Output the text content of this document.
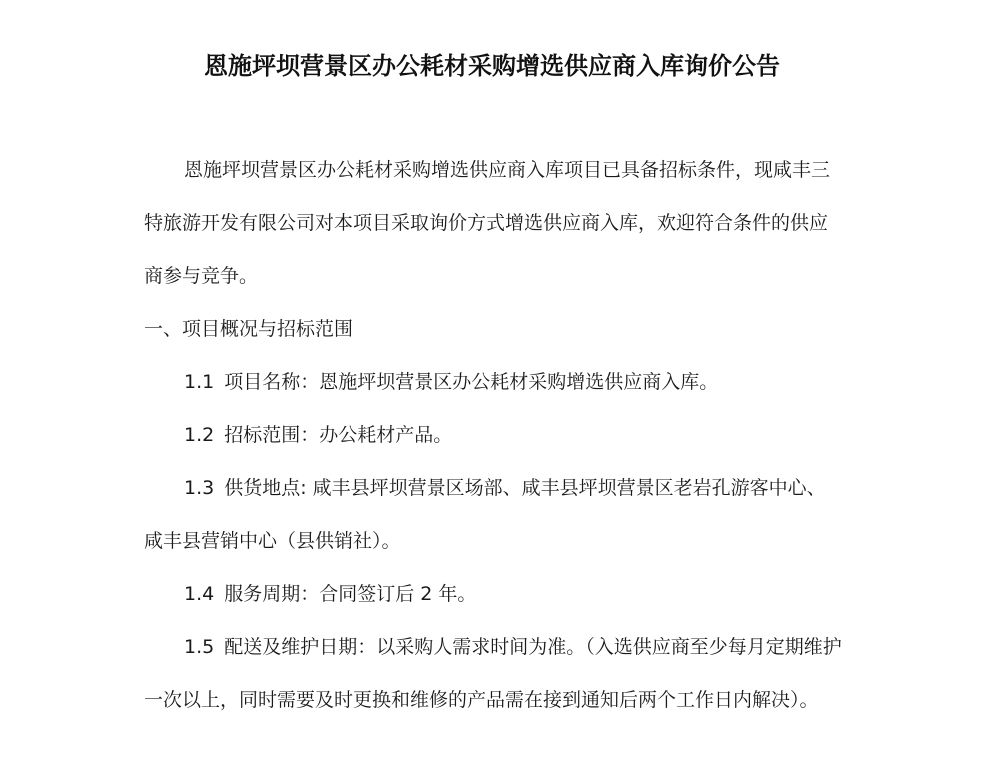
恩施坪坝营景区办公耗材采购增选供应商入库询价公告

恩施坪坝营景区办公耗材采购增选供应商入库项目已具备招标条件，现咸丰三特旅游开发有限公司对本项目采取询价方式增选供应商入库，欢迎符合条件的供应商参与竞争。

一、项目概况与招标范围

1.1 项目名称：恩施坪坝营景区办公耗材采购增选供应商入库。

1.2 招标范围：办公耗材产品。

1.3 供货地点: 咸丰县坪坝营景区场部、咸丰县坪坝营景区老岩孔游客中心、咸丰县营销中心（县供销社）。

1.4 服务周期：合同签订后 2 年。

1.5 配送及维护日期：以采购人需求时间为准。（入选供应商至少每月定期维护一次以上，同时需要及时更换和维修的产品需在接到通知后两个工作日内解决）。
